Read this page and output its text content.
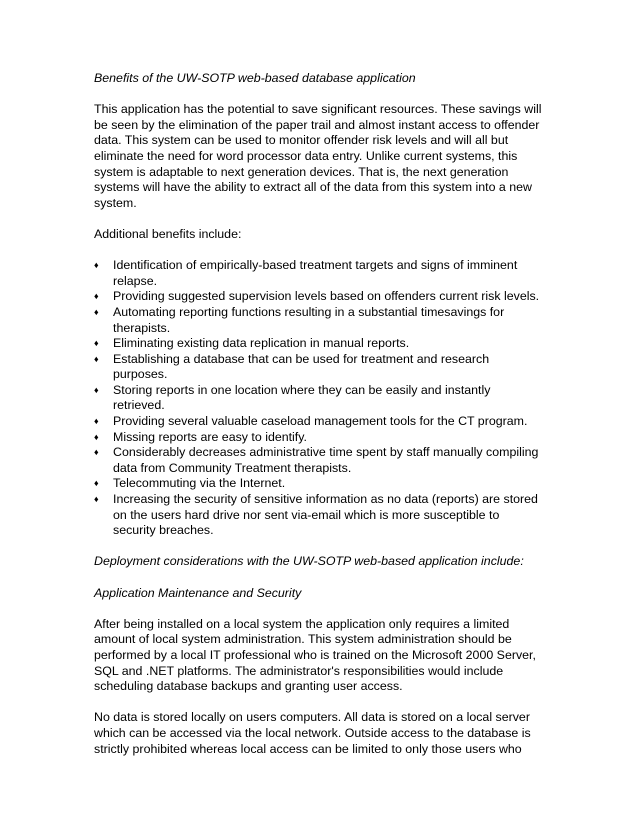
Benefits of the UW-SOTP web-based database application

This application has the potential to save significant resources. These savings will be seen by the elimination of the paper trail and almost instant access to offender data. This system can be used to monitor offender risk levels and will all but eliminate the need for word processor data entry. Unlike current systems, this system is adaptable to next generation devices. That is, the next generation systems will have the ability to extract all of the data from this system into a new system.

Additional benefits include:

♦ Identification of empirically-based treatment targets and signs of imminent relapse.
♦ Providing suggested supervision levels based on offenders current risk levels.
♦ Automating reporting functions resulting in a substantial timesavings for therapists.
♦ Eliminating existing data replication in manual reports.
♦ Establishing a database that can be used for treatment and research purposes.
♦ Storing reports in one location where they can be easily and instantly retrieved.
♦ Providing several valuable caseload management tools for the CT program.
♦ Missing reports are easy to identify.
♦ Considerably decreases administrative time spent by staff manually compiling data from Community Treatment therapists.
♦ Telecommuting via the Internet.
♦ Increasing the security of sensitive information as no data (reports) are stored on the users hard drive nor sent via-email which is more susceptible to security breaches.

Deployment considerations with the UW-SOTP web-based application include:

Application Maintenance and Security

After being installed on a local system the application only requires a limited amount of local system administration. This system administration should be performed by a local IT professional who is trained on the Microsoft 2000 Server, SQL and .NET platforms. The administrator's responsibilities would include scheduling database backups and granting user access.

No data is stored locally on users computers. All data is stored on a local server which can be accessed via the local network. Outside access to the database is strictly prohibited whereas local access can be limited to only those users who
